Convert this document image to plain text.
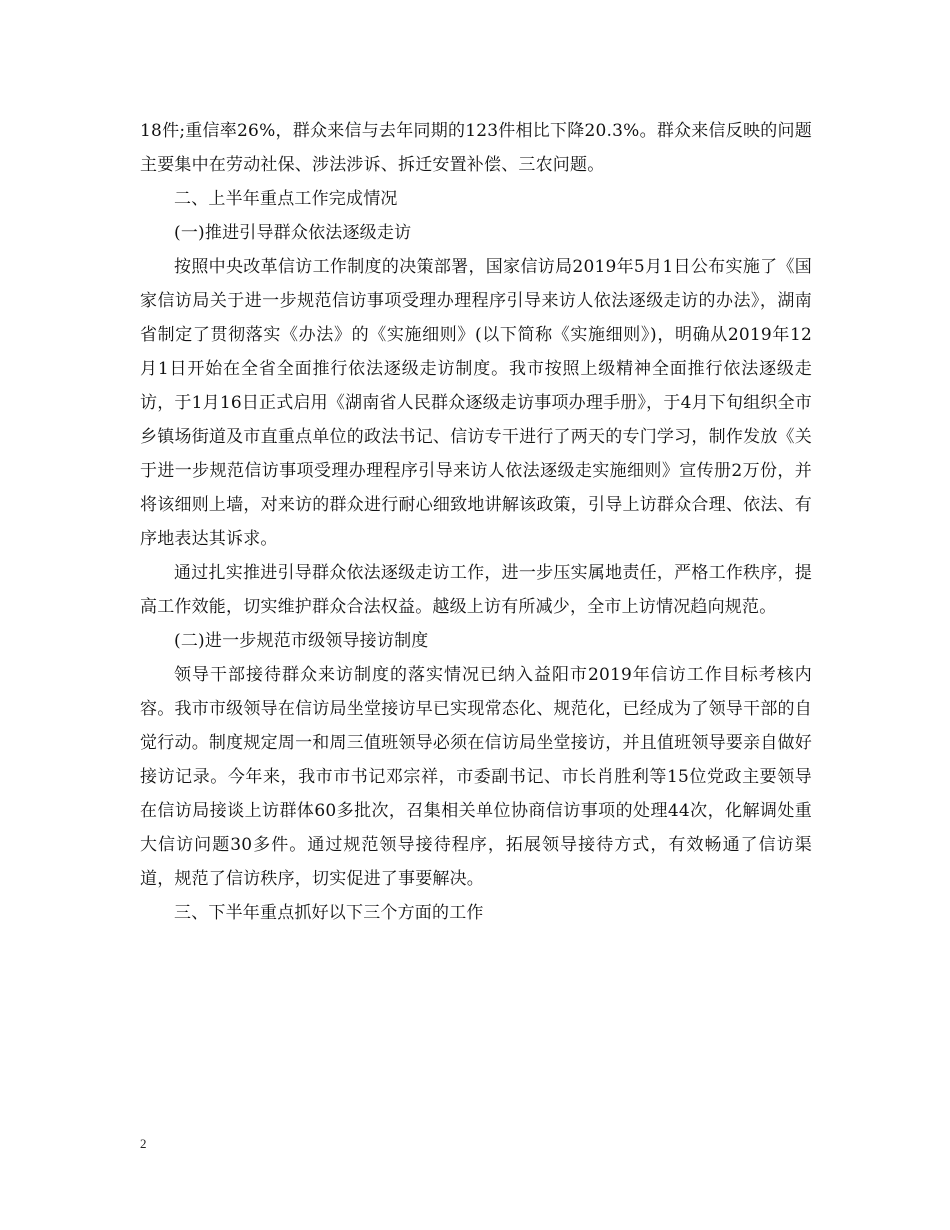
18件;重信率26%，群众来信与去年同期的123件相比下降20.3%。群众来信反映的问题主要集中在劳动社保、涉法涉诉、拆迁安置补偿、三农问题。

二、上半年重点工作完成情况

(一)推进引导群众依法逐级走访

按照中央改革信访工作制度的决策部署，国家信访局2019年5月1日公布实施了《国家信访局关于进一步规范信访事项受理办理程序引导来访人依法逐级走访的办法》，湖南省制定了贯彻落实《办法》的《实施细则》(以下简称《实施细则》)，明确从2019年12月1日开始在全省全面推行依法逐级走访制度。我市按照上级精神全面推行依法逐级走访，于1月16日正式启用《湖南省人民群众逐级走访事项办理手册》，于4月下旬组织全市乡镇场街道及市直重点单位的政法书记、信访专干进行了两天的专门学习，制作发放《关于进一步规范信访事项受理办理程序引导来访人依法逐级走实施细则》宣传册2万份，并将该细则上墙，对来访的群众进行耐心细致地讲解该政策，引导上访群众合理、依法、有序地表达其诉求。

通过扎实推进引导群众依法逐级走访工作，进一步压实属地责任，严格工作秩序，提高工作效能，切实维护群众合法权益。越级上访有所减少，全市上访情况趋向规范。

(二)进一步规范市级领导接访制度

领导干部接待群众来访制度的落实情况已纳入益阳市2019年信访工作目标考核内容。我市市级领导在信访局坐堂接访早已实现常态化、规范化，已经成为了领导干部的自觉行动。制度规定周一和周三值班领导必须在信访局坐堂接访，并且值班领导要亲自做好接访记录。今年来，我市市书记邓宗祥，市委副书记、市长肖胜利等15位党政主要领导在信访局接谈上访群体60多批次，召集相关单位协商信访事项的处理44次，化解调处重大信访问题30多件。通过规范领导接待程序，拓展领导接待方式，有效畅通了信访渠道，规范了信访秩序，切实促进了事要解决。

三、下半年重点抓好以下三个方面的工作

2
